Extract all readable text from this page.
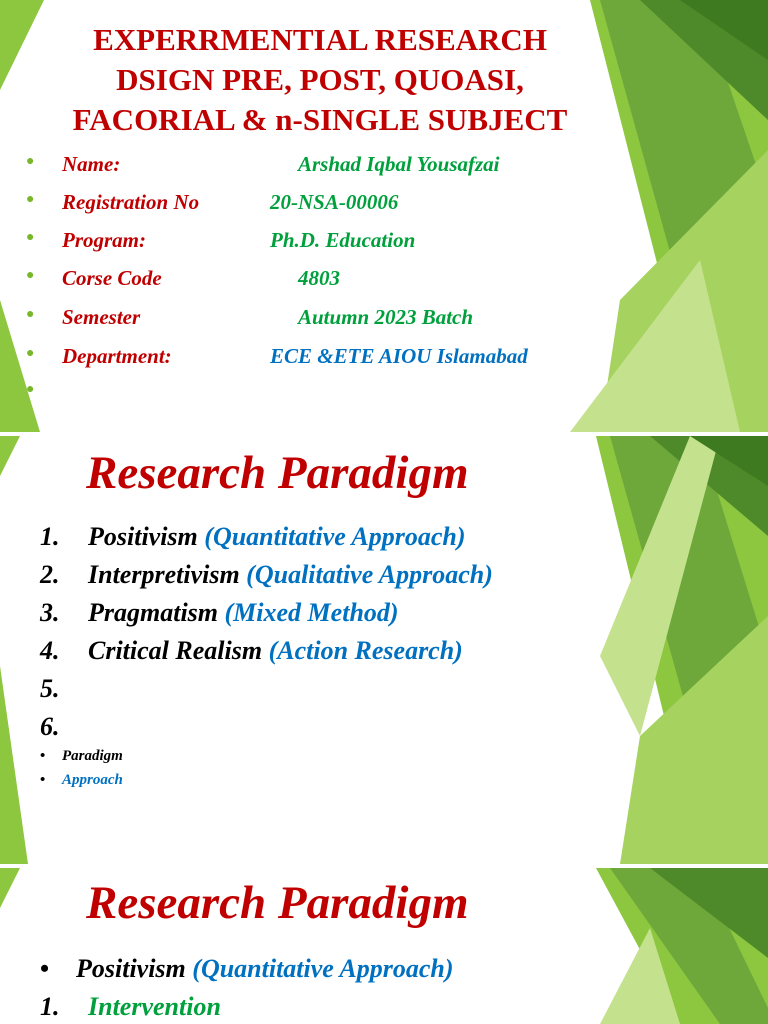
EXPERRMENTIAL RESEARCH
DSIGN PRE, POST, QUOASI,
FACORIAL & n-SINGLE SUBJECT
● Name:	Arshad Iqbal Yousafzai
● Registration No	20-NSA-00006
● Program:	Ph.D. Education
● Corse Code	4803
● Semester	Autumn 2023 Batch
● Department:	ECE &ETE AIOU Islamabad
●
Research Paradigm
1. Positivism (Quantitative Approach)
2. Interpretivism (Qualitative Approach)
3. Pragmatism (Mixed Method)
4. Critical Realism (Action Research)
5.
6.
• Paradigm
• Approach
Research Paradigm
• Positivism (Quantitative Approach)
1. Intervention
